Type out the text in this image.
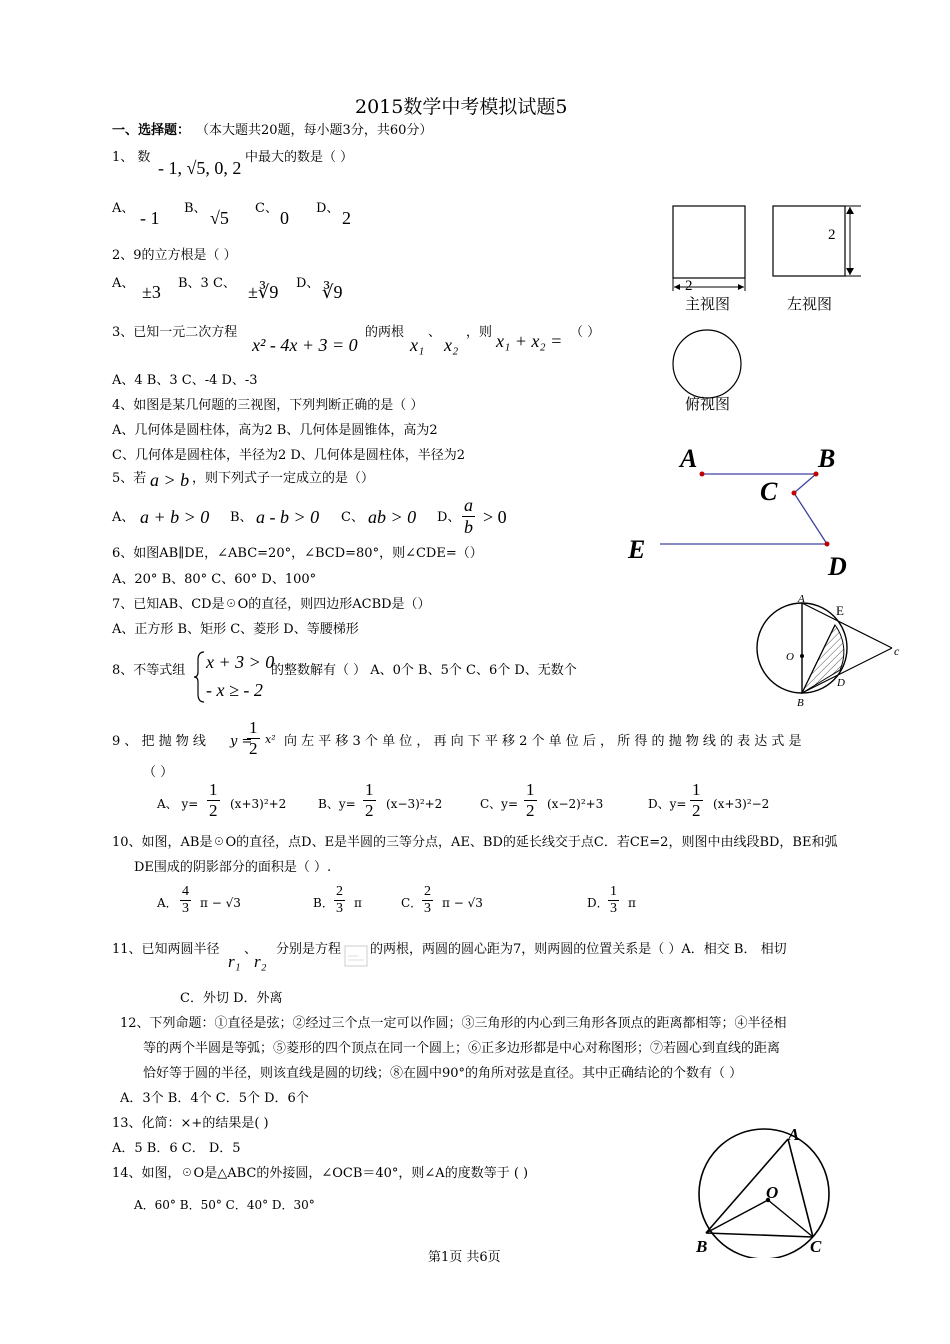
2015数学中考模拟试题5
一、选择题： （本大题共20题，每小题3分，共60分）
1、 数
- 1, √5, 0, 2
中最大的数是（ ）
A、 - 1 B、 √5 C、 0 D、 2
2、9的立方根是（ ）
A、 ±3 B、3 C、 ±∛9 D、 ∛9
3、已知一元二次方程
x² - 4x + 3 = 0
的两根
x₁
、
x₂
，则 x₁ + x₂ = （ ）
A、4 B、3 C、-4 D、-3
4、如图是某几何题的三视图，下列判断正确的是（ ）
A、几何体是圆柱体，高为2 B、几何体是圆锥体，高为2
C、几何体是圆柱体，半径为2 D、几何体是圆柱体，半径为2
5、若 a > b ，则下列式子一定成立的是（）
A、 a + b > 0 B、 a - b > 0 C、 ab > 0 D、 $\frac{a}{b} > 0$
6、如图AB∥DE，∠ABC=20°，∠BCD=80°，则∠CDE=（）
A、20° B、80° C、60° D、100°
7、已知AB、CD是☉O的直径，则四边形ACBD是（）
A、正方形 B、矩形 C、菱形 D、等腰梯形
8、不等式组 x + 3 > 0
- x ≥ - 2
的整数解有（ ） A、0个 B、5个 C、6个 D、无数个
9 、 把 抛 物 线 y =
$\frac{1}{2} x^2$ 向 左 平 移 3 个 单 位 ， 再 向 下 平 移 2 个 单 位 后 ， 所 得 的 抛 物 线 的 表 达 式 是
（ ）
A、 $y= \frac{1}{2} (x+3)^2+2$	B、$y= \frac{1}{2} (x-3)^2+2$	C、$y= \frac{1}{2} (x-2)^2+3$	D、$y= \frac{1}{2} (x+3)^2-2$
10、如图，AB是☉O的直径，点D、E是半圆的三等分点，AE、BD的延长线交于点C．若CE=2，则图中由线段BD，BE和弧
DE围成的阴影部分的面积是（ ）.
A． $\frac{4}{3}$ π − √3	B． $\frac{2}{3}$ π	C． $\frac{2}{3}$ π − √3	D． $\frac{1}{3}$ π
11、已知两圆半径
r₁
、
r₂
分别是方程 的两根，两圆的圆心距为7，则两圆的位置关系是（ ）A．相交 B． 相切
C．外切 D．外离
12、下列命题：①直径是弦；②经过三个点一定可以作圆；③三角形的内心到三角形各顶点的距离都相等；④半径相
等的两个半圆是等弧；⑤菱形的四个顶点在同一个圆上；⑥正多边形都是中心对称图形；⑦若圆心到直线的距离
恰好等于圆的半径，则该直线是圆的切线；⑧在圆中90°的角所对弦是直径。其中正确结论的个数有（ ）
A．3个 B．4个 C．5个 D．6个
13、化简：×+的结果是( )
A．5 B．6 C． D．5
14、如图，☉O是△ABC的外接圆，∠OCB＝40°，则∠A的度数等于 ( )
A．60° B．50° C．40° D．30°
第1页 共6页
2
主视图
2
左视图
俯视图
A	B
C
E
D
A
E
O	c
D
B
A
O
B	C
